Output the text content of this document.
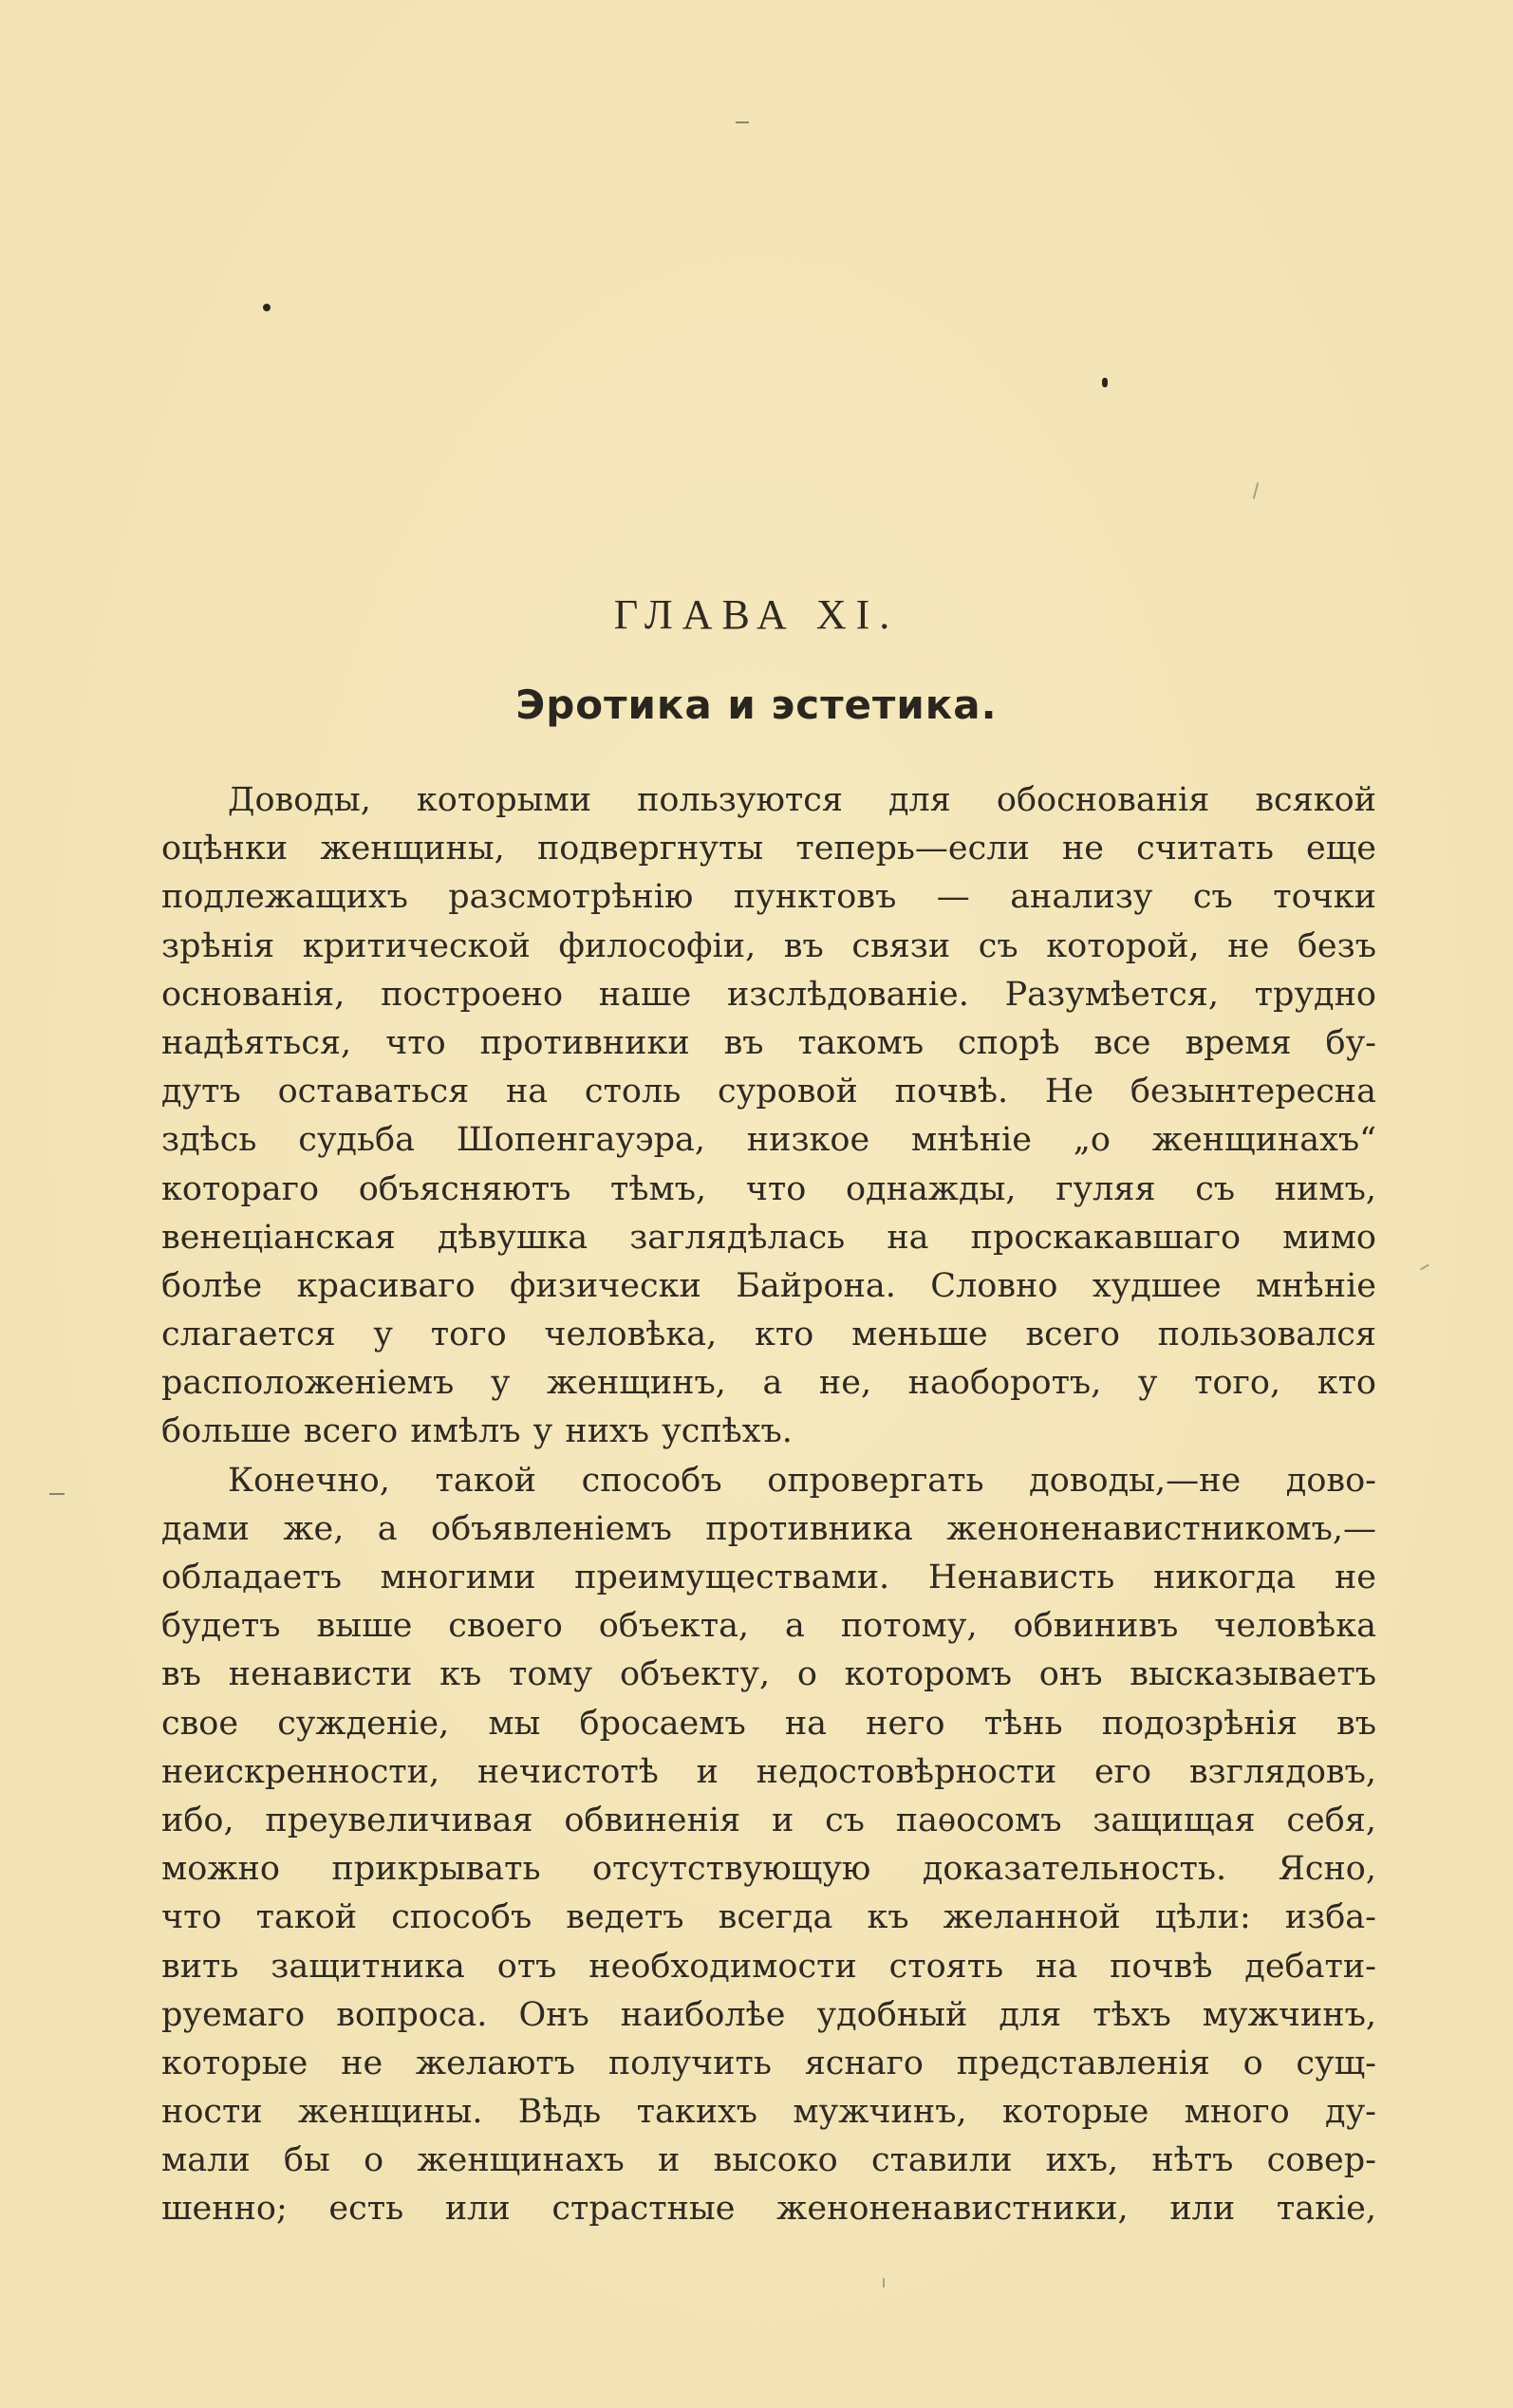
ГЛАВА XI.
Эротика и эстетика.
Доводы, которыми пользуются для обоснованія всякой
оцѣнки женщины, подвергнуты теперь—если не считать еще
подлежащихъ разсмотрѣнію пунктовъ — анализу съ точки
зрѣнія критической философіи, въ связи съ которой, не безъ
основанія, построено наше изслѣдованіе. Разумѣется, трудно
надѣяться, что противники въ такомъ спорѣ все время бу-
дутъ оставаться на столь суровой почвѣ. Не безынтересна
здѣсь судьба Шопенгауэра, низкое мнѣніе „о женщинахъ“
котораго объясняютъ тѣмъ, что однажды, гуляя съ нимъ,
венеціанская дѣвушка заглядѣлась на проскакавшаго мимо
болѣе красиваго физически Байрона. Словно худшее мнѣніе
слагается у того человѣка, кто меньше всего пользовался
расположеніемъ у женщинъ, а не, наоборотъ, у того, кто
больше всего имѣлъ у нихъ успѣхъ.
Конечно, такой способъ опровергать доводы,—не дово-
дами же, а объявленіемъ противника женоненавистникомъ,—
обладаетъ многими преимуществами. Ненависть никогда не
будетъ выше своего объекта, а потому, обвинивъ человѣка
въ ненависти къ тому объекту, о которомъ онъ высказываетъ
свое сужденіе, мы бросаемъ на него тѣнь подозрѣнія въ
неискренности, нечистотѣ и недостовѣрности его взглядовъ,
ибо, преувеличивая обвиненія и съ паѳосомъ защищая себя,
можно прикрывать отсутствующую доказательность. Ясно,
что такой способъ ведетъ всегда къ желанной цѣли: изба-
вить защитника отъ необходимости стоять на почвѣ дебати-
руемаго вопроса. Онъ наиболѣе удобный для тѣхъ мужчинъ,
которые не желаютъ получить яснаго представленія о сущ-
ности женщины. Вѣдь такихъ мужчинъ, которые много ду-
мали бы о женщинахъ и высоко ставили ихъ, нѣтъ совер-
шенно; есть или страстные женоненавистники, или такіе,
